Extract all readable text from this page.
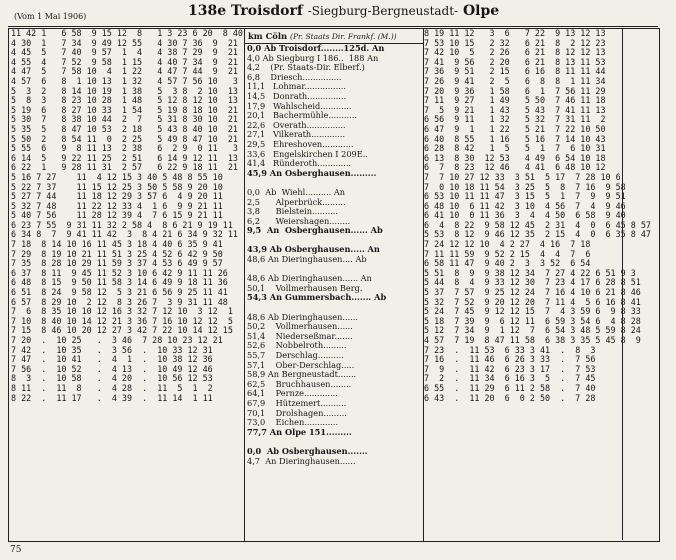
(Vom 1 Mai 1906)	138e Troisdorf -Siegburg-Bergneustadt- Olpe
11 42 1   6 58  9 15 12  8   1 3 23 6 20  8 40
4 30  1   7 34  9 49 12 55   4 30 7 36  9  21
4 45  5   7 40  9 57  1  4   4 38 7 29  9  21
4 55  4   7 52  9 58  1 15   4 40 7 34  9  21
4 47  5   7 58 10  4  1 22   4 47 7 44  9  21
4 57  6   8  1 10 13  1 32   4 57 7 56 10   3
5  3  2   8 14 10 19  1 38   5  3 8  2 10  13
5  8  3   8 23 10 28  1 48   5 12 8 12 10  13
5 19  6   8 27 10 33  1 54   5 19 8 18 10  21
5 30  7   8 38 10 44  2  7   5 31 8 30 10  21
5 35  5   8 47 10 53  2 18   5 43 8 40 10  21
5 50  2   8 54 11  0  2 25   5 49 8 47 10  21
5 55  6   9  8 11 13  2 38   6  2 9  0 11   3
6 14  5   9 22 11 25  2 51   6 14 9 12 11  13
6 22  1   9 28 11 31  2 57   6 22 9 18 11  21
5 16 7 27    11  4 12 15 3 40 5 48 8 55 10
5 22 7 37    11 15 12 25 3 50 5 58 9 20 10
5 27 7 44    11 18 12 29 3 57 6  4 9 20 11
5 32 7 48    11 22 12 33 4  1 6  9 9 21 11
5 40 7 56    11 28 12 39 4  7 6 15 9 21 11
6 23 7 55  9 31 11 32 2 58 4  8 6 21 9 19 11
6 34 8  7  9 41 11 42  3  8 4 21 6 34 9 32 11
7 18  8 14 10 16 11 45 3 18 4 40 6 35 9 41
7 29  8 19 10 21 11 51 3 25 4 52 6 42 9 50
7 35  8 28 10 29 11 59 3 37 4 53 6 49 9 57
6 37  8 11  9 45 11 52 3 10 6 42 9 11 11 26
6 48  8 15  9 50 11 58 3 14 6 49 9 18 11 36
6 51  8 24  9 58 12  5 3 21 6 56 9 25 11 41
6 57  8 29 10  2 12  8 3 26 7  3 9 31 11 48
7  6  8 35 10 10 12 16 3 32 7 12 10  3 12  1
7 10  8 40 10 14 12 21 3 36 7 16 10 12 12  5
7 15  8 46 10 20 12 27 3 42 7 22 10 14 12 15
7 20  .  10 25   .  3 46  7 28 10 23 12 21
7 42  .  10 35   .  3 56  .  10 33 12 31
7 47  .  10 41   .  4  1  .  10 38 12 36
7 56  .  10 52   .  4 13  .  10 49 12 46
8  3  .  10 58   .  4 20  .  10 56 12 53
8 11  .  11  8   .  4 28  .  11  5  1  2
8 22  .  11 17   .  4 39  .  11 14  1 11
km Cöln (Pr. Staats Dir. Frankf. (M.))
0,0 Ab Troisdorf........125d. An
4,0 Ab Siegburg I 186..  188 An
4,2    (Pr. Staats-Dir. Elberf.)
6,8    Driesch...............
11,1   Lohmar................
14,5   Donrath...............
17,9   Wahlscheid............
20,1   Bachermühle...........
22,6   Overath...............
27,1   Vilkerath.............
29,5   Ehreshoven............
33,6   Engelskirchen I 209E..
41,4   Ründeroth.............
45,9 An Osberghausen.........
0,0  Ab  Wiehl.......... An
2,5      Alperbrück.........
3,8      Bielstein..........
6,2      Weiershagen........
9,5  An  Osberghausen...... Ab
43,9 Ab Osberghausen..... An
48,6 An Dieringhausen.... Ab
48,6 Ab Dieringhausen...... An
50,1    Vollmerhausen Berg.
54,3 An Gummersbach....... Ab
48,6 Ab Dieringhausen......
50,2    Vollmerhausen......
51,4    Niederseßmar.......
52,6    Nobbelroth.........
55,7    Derschlag..........
57,1    Ober-Derschlag.....
58,9 An Bergneustadt.......
62,5    Bruchhausen........
64,1    Pernze.............
67,9    Hützemert..........
70,1    Drolshagen.........
73,0    Eichen.............
77,7 An Olpe 151.........
0,0  Ab Osberghausen.......
4,7  An Dieringhausen......
8 19 11 12   3  6   7 22  9 13 12 13
7 53 10 15   2 32   6 21  8  2 12 23
7 42 10  5   2 26   6 21  8 12 12 13
7 41  9 56   2 20   6 21  8 13 11 53
7 36  9 51   2 15   6 16  8 11 11 44
7 26  9 41   2  5   6  8  8  1 11 34
7 20  9 36   1 58   6  1  7 56 11 29
7 11  9 27   1 49   5 50  7 46 11 18
7  5  9 21   1 43   5 43  7 41 11 13
6 56  9 11   1 32   5 32  7 31 11  2
6 47  9  1   1 22   5 21  7 22 10 50
6 40  8 55   1 16   5 16  7 14 10 43
6 28  8 42   1  5   5  1  7  6 10 31
6 13  8 30  12 53   4 49  6 54 10 18
6  7  8 23  12 46   4 41  6 48 10 12
7  7 10 27 12 33  3 51  5 17  7 28 10 6
7  0 10 18 11 54  3 25  5  8  7 16  9 58
6 53 10 11 11 47  3 15  5  1  7  9  9 51
6 48 10  6 11 42  3 10  4 56  7  4  9 46
6 41 10  0 11 36  3  4  4 50  6 58  9 40
6  4  8 22  9 58 12 45  2 31  4  0  6 45 8 57
5 53  8 12  9 46 12 35  2 15  4  0  6 35 8 47
7 24 12 12 10  4 2 27  4 16  7 18
7 11 11 59  9 52 2 15  4  4  7  6
6 58 11 47  9 40 2  3  3 52  6 54
5 51  8  9  9 38 12 34  7 27 4 22 6 51 9 3
5 44  8  4  9 33 12 30  7 23 4 17 6 28 8 51
5 37  7 57  9 25 12 24  7 16 4 10 6 21 8 46
5 32  7 52  9 20 12 20  7 11 4  5 6 16 8 41
5 24  7 45  9 12 12 15  7  4 3 59 6  9 8 33
5 18  7 39  9  6 12 11  6 59 3 54 6  4 8 28
5 12  7 34  9  1 12  7  6 54 3 48 5 59 8 24
4 57  7 19  8 47 11 58  6 38 3 35 5 45 8  9
7 23  .  11 53  6 33 3 41  .  8  3
7 16  .  11 46  6 26 3 33  .  7 56
7  9  .  11 42  6 23 3 17  .  7 53
7  2  .  11 34  6 16 3  5  .  7 45
6 55  .  11 29  6 11 2 58  .  7 40
6 43  .  11 20  6  0 2 50  .  7 28
75
